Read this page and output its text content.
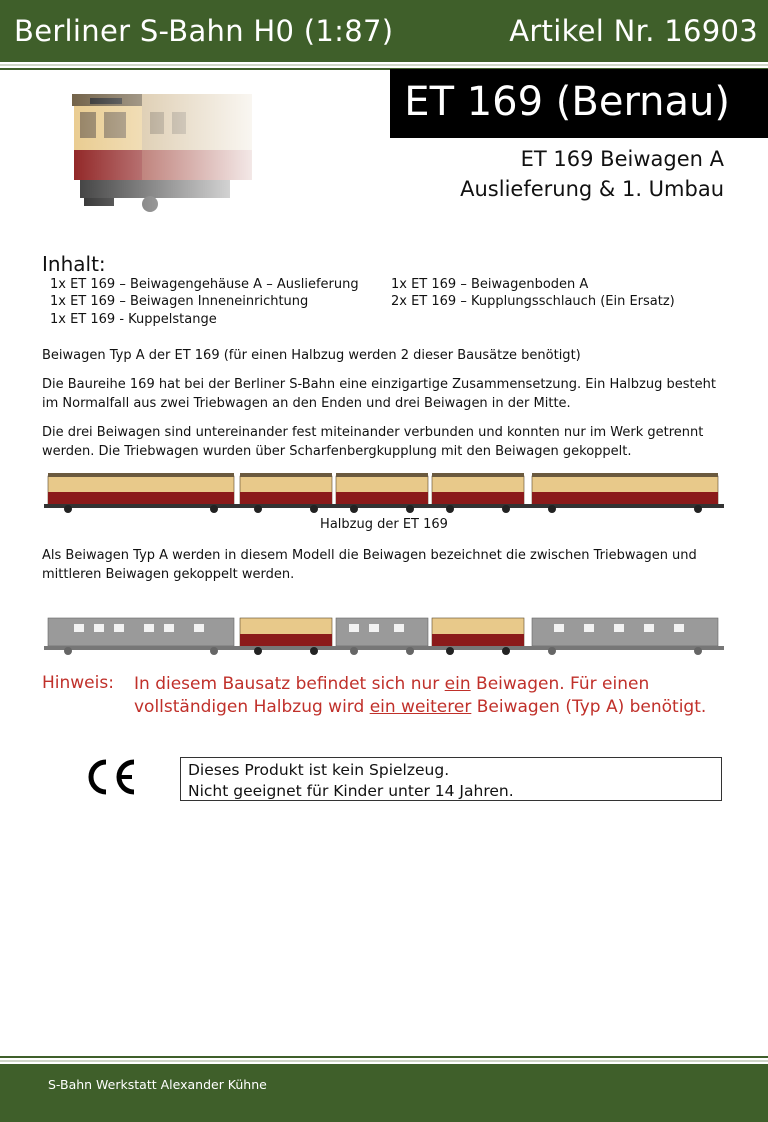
Berliner S-Bahn H0 (1:87)	Artikel Nr. 16903
ET 169 (Bernau)
ET 169 Beiwagen A
Auslieferung & 1. Umbau
Inhalt:
1x ET 169 – Beiwagengehäuse A – Auslieferung
1x ET 169 – Beiwagen Inneneinrichtung
1x ET 169 - Kuppelstange
1x ET 169 – Beiwagenboden A
2x ET 169 – Kupplungsschlauch (Ein Ersatz)
Beiwagen Typ A der ET 169 (für einen Halbzug werden 2 dieser Bausätze benötigt)
Die Baureihe 169 hat bei der Berliner S-Bahn eine einzigartige Zusammensetzung. Ein Halbzug besteht im Normalfall aus zwei Triebwagen an den Enden und drei Beiwagen in der Mitte.
Die drei Beiwagen sind untereinander fest miteinander verbunden und konnten nur im Werk getrennt werden. Die Triebwagen wurden über Scharfenbergkupplung mit den Beiwagen gekoppelt.
Halbzug der ET 169
Als Beiwagen Typ A werden in diesem Modell die Beiwagen bezeichnet die zwischen Triebwagen und mittleren Beiwagen gekoppelt werden.
Hinweis: In diesem Bausatz befindet sich nur ein Beiwagen. Für einen
vollständigen Halbzug wird ein weiterer Beiwagen (Typ A) benötigt.
Dieses Produkt ist kein Spielzeug.
Nicht geeignet für Kinder unter 14 Jahren.
S-Bahn Werkstatt Alexander Kühne
